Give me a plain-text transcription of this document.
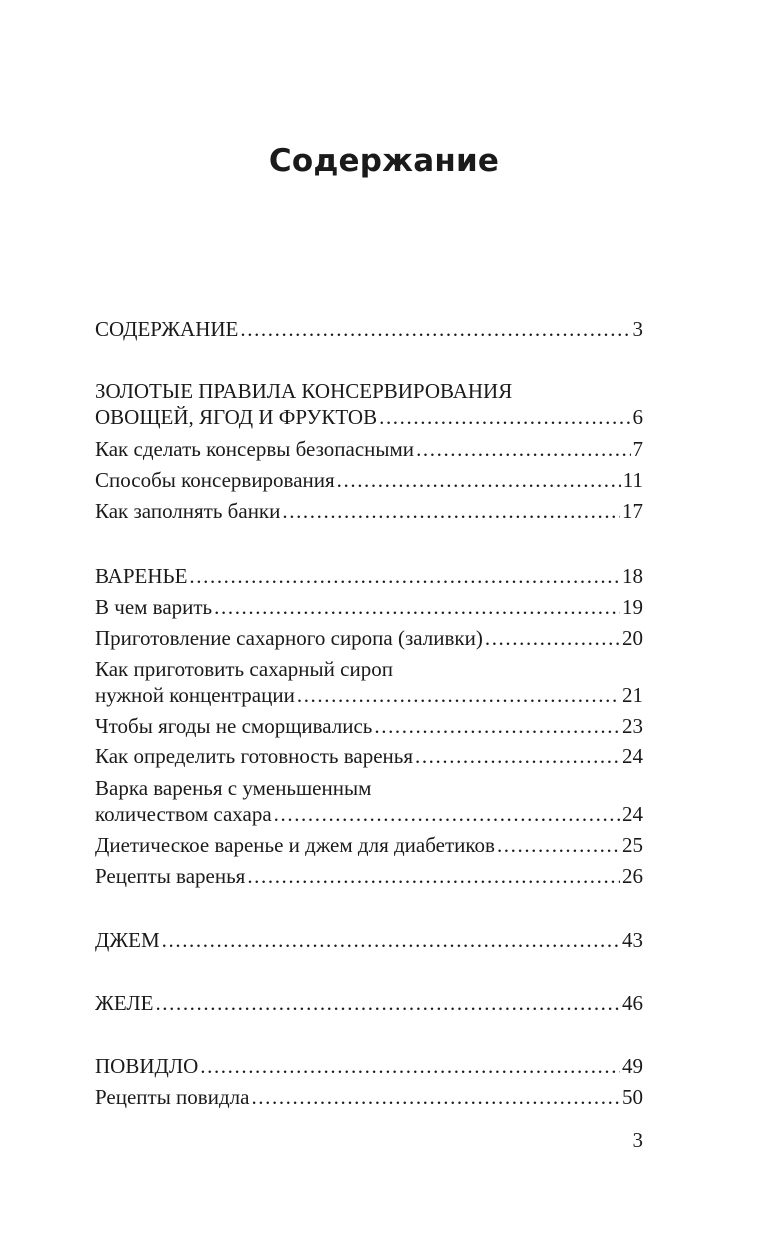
Содержание
СОДЕРЖАНИЕ .....	3
ЗОЛОТЫЕ ПРАВИЛА КОНСЕРВИРОВАНИЯ
ОВОЩЕЙ, ЯГОД И ФРУКТОВ .....	6
Как сделать консервы безопасными .....	7
Способы консервирования .....	11
Как заполнять банки .....	17
ВАРЕНЬЕ .....	18
В чем варить .....	19
Приготовление сахарного сиропа (заливки) .....	20
Как приготовить сахарный сироп
нужной концентрации .....	21
Чтобы ягоды не сморщивались .....	23
Как определить готовность варенья .....	24
Варка варенья с уменьшенным
количеством сахара .....	24
Диетическое варенье и джем для диабетиков .....	25
Рецепты варенья .....	26
ДЖЕМ .....	43
ЖЕЛЕ .....	46
ПОВИДЛО .....	49
Рецепты повидла .....	50
3
